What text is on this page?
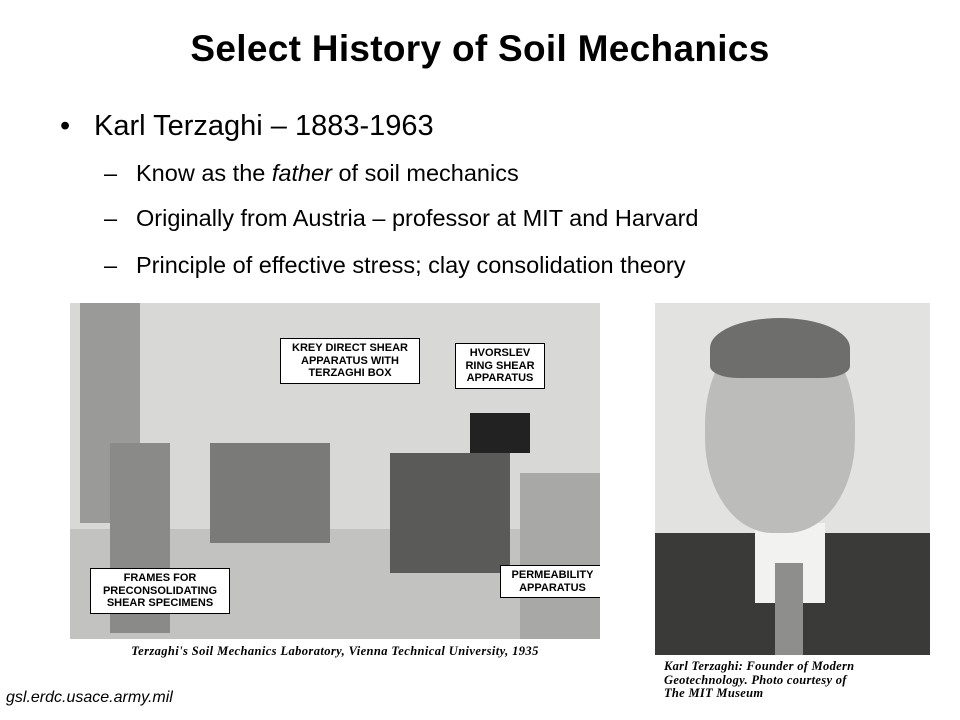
Select History of Soil Mechanics
• Karl Terzaghi – 1883-1963
– Know as the father of soil mechanics
– Originally from Austria – professor at MIT and Harvard
– Principle of effective stress; clay consolidation theory
KREY DIRECT SHEAR APPARATUS WITH TERZAGHI BOX
HVORSLEV RING SHEAR APPARATUS
FRAMES FOR PRECONSOLIDATING SHEAR SPECIMENS
PERMEABILITY APPARATUS
Terzaghi's Soil Mechanics Laboratory, Vienna Technical University, 1935
Karl Terzaghi: Founder of Modern
Geotechnology. Photo courtesy of
The MIT Museum
gsl.erdc.usace.army.mil
